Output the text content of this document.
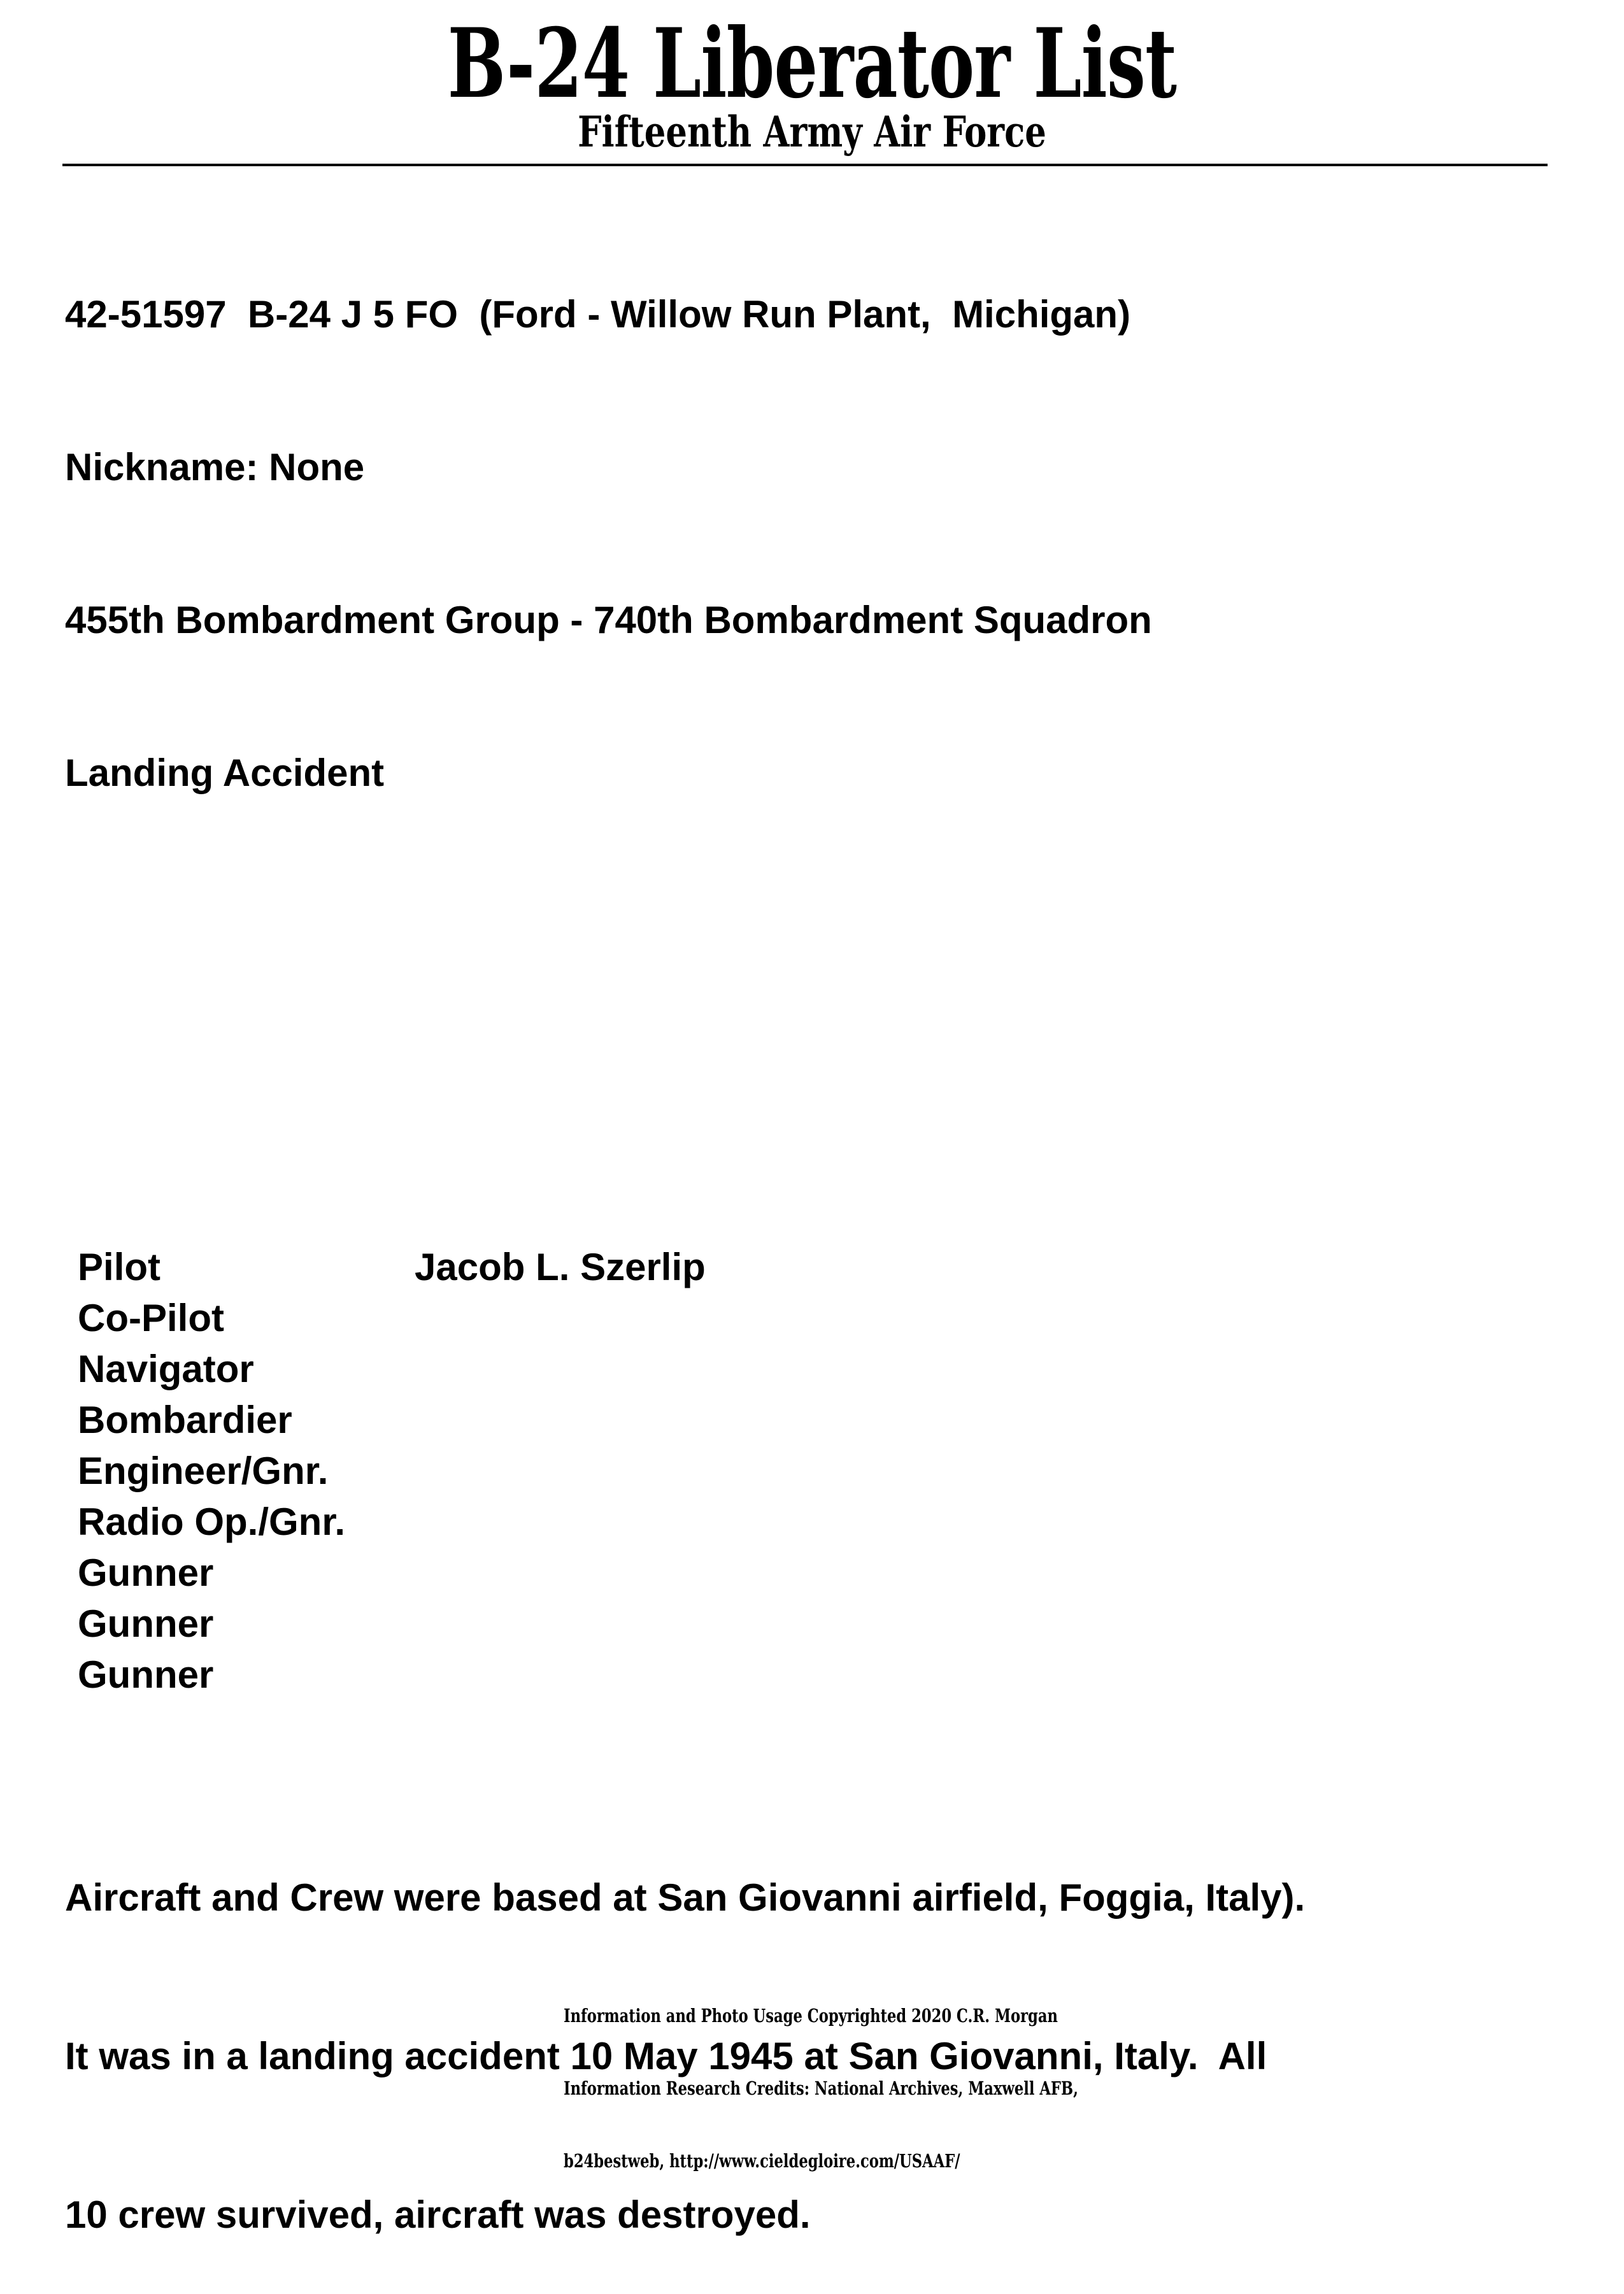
B-24 Liberator List
Fifteenth Army Air Force

42-51597  B-24 J 5 FO  (Ford - Willow Run Plant,  Michigan)

Nickname: None

455th Bombardment Group - 740th Bombardment Squadron

Landing Accident

Pilot

	Jacob L. Szerlip

Co-Pilot

Navigator

Bombardier

Engineer/Gnr.

Radio Op./Gnr.

Gunner

Gunner

Gunner

Aircraft and Crew were based at San Giovanni airfield, Foggia, Italy).

It was in a landing accident 10 May 1945 at San Giovanni, Italy.  All

10 crew survived, aircraft was destroyed.

Information and Photo Usage Copyrighted 2020 C.R. Morgan

Information Research Credits: National Archives, Maxwell AFB,

b24bestweb, http://www.cieldegloire.com/USAAF/
